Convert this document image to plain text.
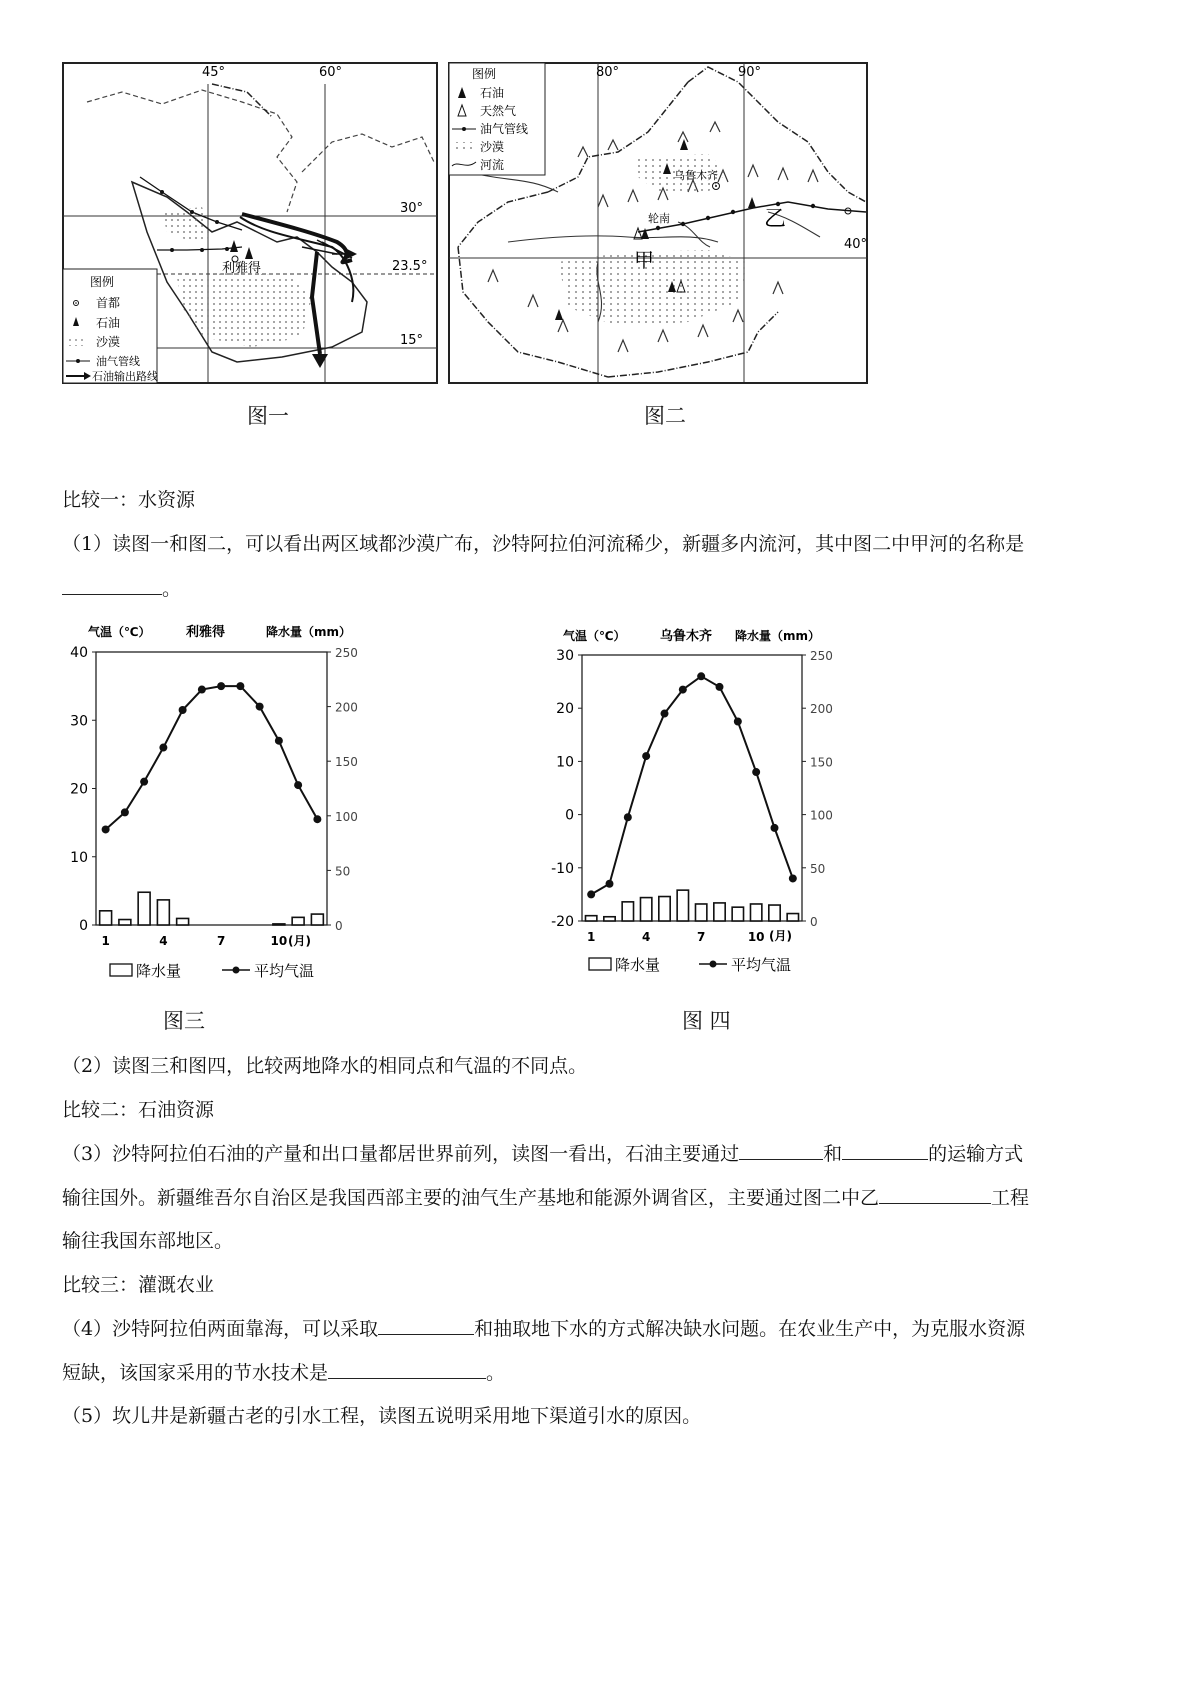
45°	60°
30°
23.5°
15°
利雅得
图例
首都
石油
沙漠
油气管线
石油输出路线
图一
80°	90°
40°
乌鲁木齐
轮南
甲
乙
图例
石油
天然气
油气管线
沙漠
河流
图二
比较一：水资源
（1）读图一和图二，可以看出两区域都沙漠广布，沙特阿拉伯河流稀少，新疆多内流河，其中图二中甲河的名称是
。
气温（℃）	利雅得	降水量（mm）
0
10
20
30
40
0
50
100
150
200
250
1	4	7	10 (月)
降水量	平均气温
图三
气温（℃）	乌鲁木齐 降水量（mm）
-20
-10
0
10
20
30
0
50
100
150
200
250
1	4	7	10 (月)
降水量	平均气温
图 四
（2）读图三和图四，比较两地降水的相同点和气温的不同点。
比较二：石油资源
（3）沙特阿拉伯石油的产量和出口量都居世界前列，读图一看出，石油主要通过	和	的运输方式
输往国外。新疆维吾尔自治区是我国西部主要的油气生产基地和能源外调省区，主要通过图二中乙	工程
输往我国东部地区。
比较三：灌溉农业
（4）沙特阿拉伯两面靠海，可以采取	和抽取地下水的方式解决缺水问题。在农业生产中，为克服水资源
短缺，该国家采用的节水技术是	。
（5）坎儿井是新疆古老的引水工程，读图五说明采用地下渠道引水的原因。
